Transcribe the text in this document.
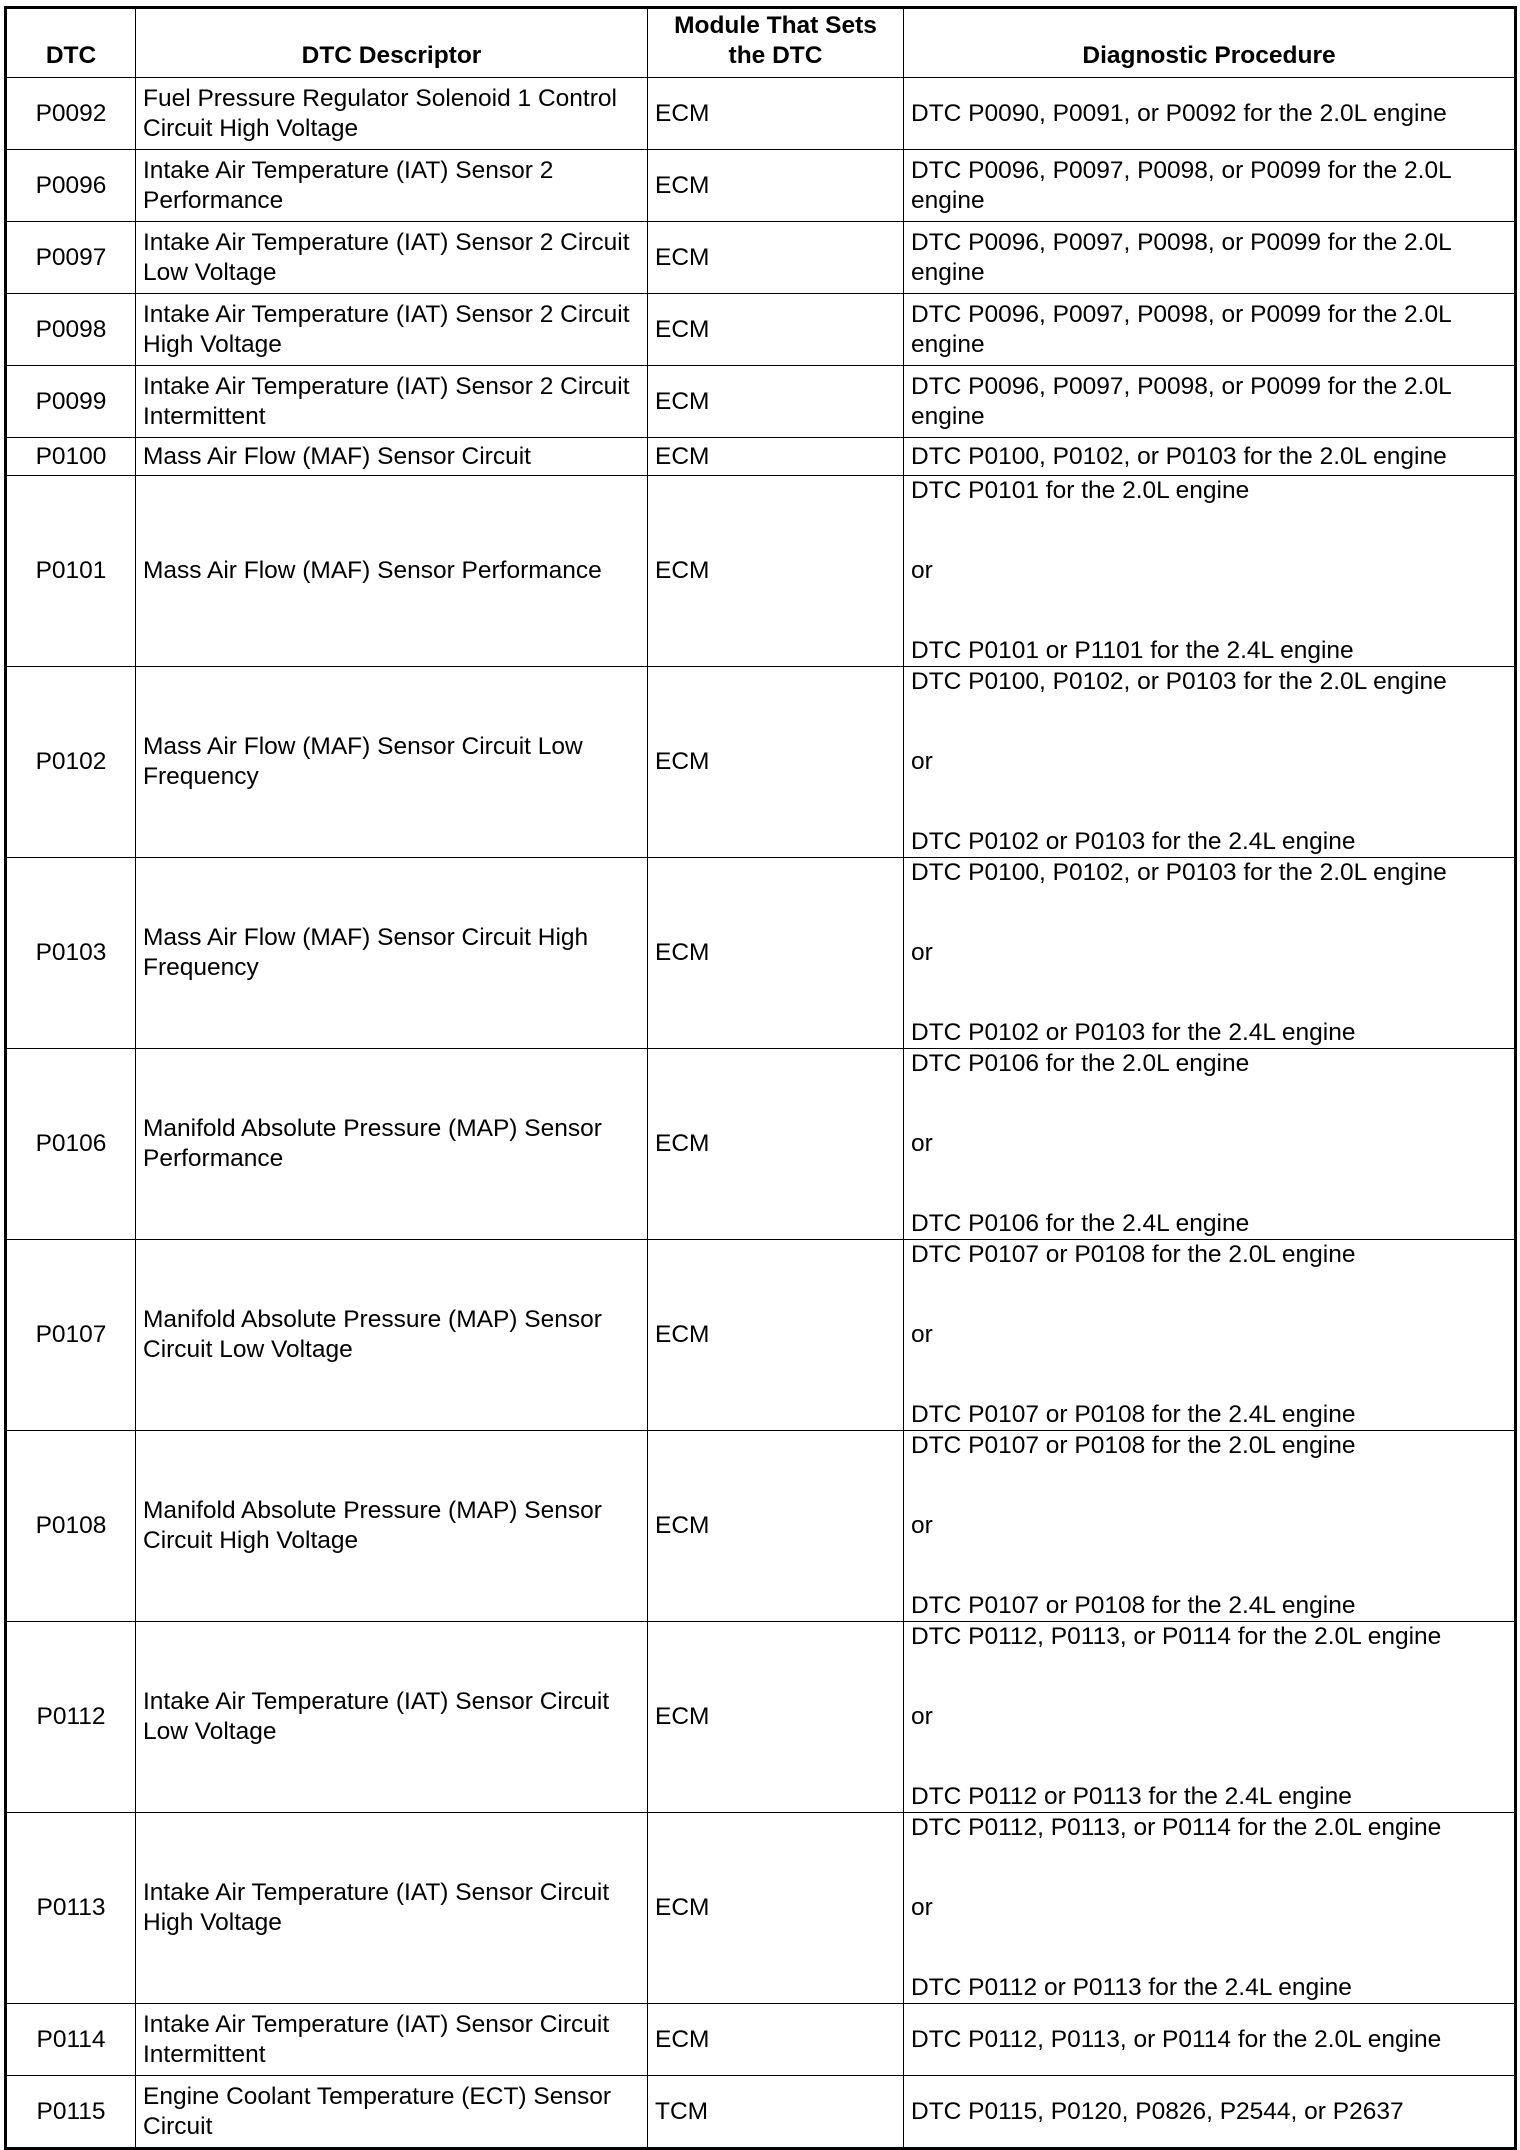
DTC	DTC Descriptor	Module That Sets the DTC	Diagnostic Procedure
P0092	Fuel Pressure Regulator Solenoid 1 Control Circuit High Voltage	ECM	DTC P0090, P0091, or P0092 for the 2.0L engine

P0096	Intake Air Temperature (IAT) Sensor 2 Performance	ECM	DTC P0096, P0097, P0098, or P0099 for the 2.0L engine

P0097	Intake Air Temperature (IAT) Sensor 2 Circuit Low Voltage	ECM	DTC P0096, P0097, P0098, or P0099 for the 2.0L engine

P0098	Intake Air Temperature (IAT) Sensor 2 Circuit High Voltage	ECM	DTC P0096, P0097, P0098, or P0099 for the 2.0L engine

P0099	Intake Air Temperature (IAT) Sensor 2 Circuit Intermittent	ECM	DTC P0096, P0097, P0098, or P0099 for the 2.0L engine

P0100	Mass Air Flow (MAF) Sensor Circuit	ECM	DTC P0100, P0102, or P0103 for the 2.0L engine

P0101	Mass Air Flow (MAF) Sensor Performance	ECM	DTC P0101 for the 2.0L engine
or
DTC P0101 or P1101 for the 2.4L engine

P0102	Mass Air Flow (MAF) Sensor Circuit Low Frequency	ECM	DTC P0100, P0102, or P0103 for the 2.0L engine
or
DTC P0102 or P0103 for the 2.4L engine

P0103	Mass Air Flow (MAF) Sensor Circuit High Frequency	ECM	DTC P0100, P0102, or P0103 for the 2.0L engine
or
DTC P0102 or P0103 for the 2.4L engine

P0106	Manifold Absolute Pressure (MAP) Sensor Performance	ECM	DTC P0106 for the 2.0L engine
or
DTC P0106 for the 2.4L engine

P0107	Manifold Absolute Pressure (MAP) Sensor Circuit Low Voltage	ECM	DTC P0107 or P0108 for the 2.0L engine
or
DTC P0107 or P0108 for the 2.4L engine

P0108	Manifold Absolute Pressure (MAP) Sensor Circuit High Voltage	ECM	DTC P0107 or P0108 for the 2.0L engine
or
DTC P0107 or P0108 for the 2.4L engine

P0112	Intake Air Temperature (IAT) Sensor Circuit Low Voltage	ECM	DTC P0112, P0113, or P0114 for the 2.0L engine
or
DTC P0112 or P0113 for the 2.4L engine

P0113	Intake Air Temperature (IAT) Sensor Circuit High Voltage	ECM	DTC P0112, P0113, or P0114 for the 2.0L engine
or
DTC P0112 or P0113 for the 2.4L engine

P0114	Intake Air Temperature (IAT) Sensor Circuit Intermittent	ECM	DTC P0112, P0113, or P0114 for the 2.0L engine

P0115	Engine Coolant Temperature (ECT) Sensor Circuit	TCM	DTC P0115, P0120, P0826, P2544, or P2637
